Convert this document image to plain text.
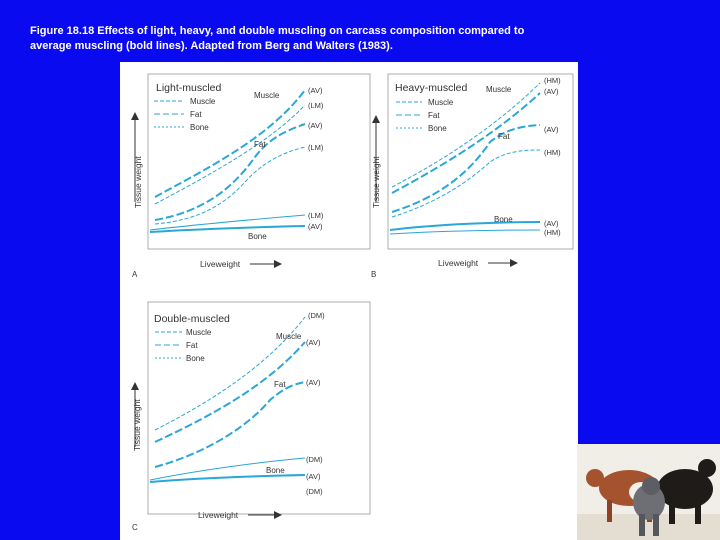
Figure 18.18 Effects of light, heavy, and double muscling on carcass composition compared to
average muscling (bold lines). Adapted from Berg and Walters (1983).
Light-muscled
Muscle
Fat
Bone
Muscle
Fat
Bone
(AV)
(LM)
(AV)
(LM)
(LM)
(AV)
Tissue weight
Liveweight
A
Heavy-muscled
Muscle
Fat
Bone
Muscle
Fat
Bone
(HM)
(AV)
(AV)
(HM)
(AV)
(HM)
Tissue weight
Liveweight
B
Double-muscled
Muscle
Fat
Bone
Muscle
Fat
Bone
(DM)
(AV)
(AV)
(DM)
(AV)
(DM)
Tissue weight
Liveweight
C
